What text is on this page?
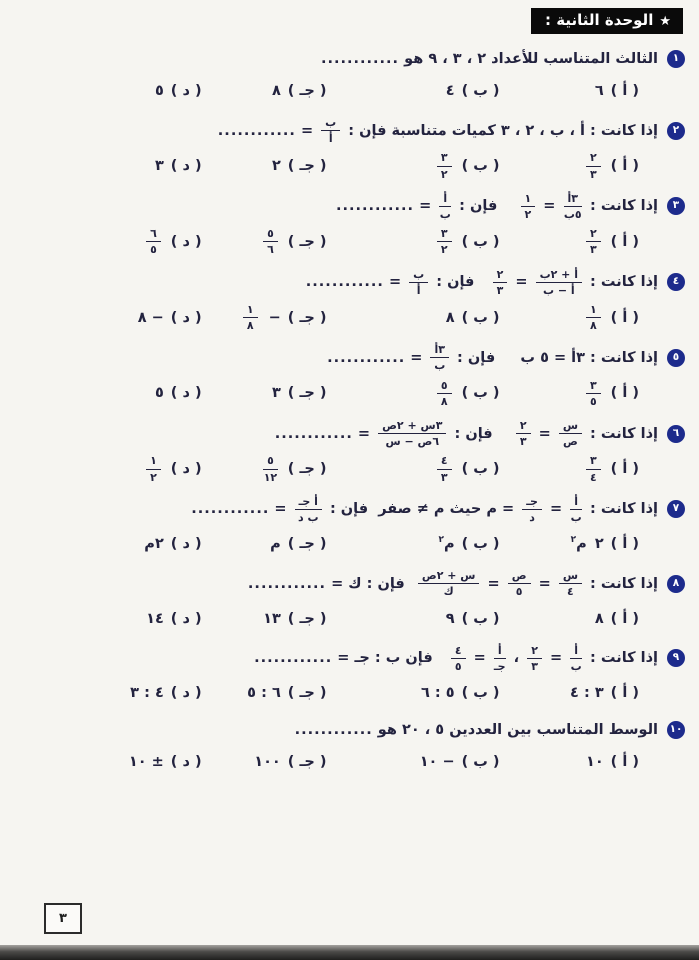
★الوحدة الثانية :
١
الثالث المتناسب للأعداد ٢ ، ٣ ، ٩ هو
............
( أ )
٦
( ب )
٤
( جـ )
٨
( د )
٥
٢
إذا كانت : أ ، ب ، ٢ ، ٣ كميات متناسبة فإن :
$\frac{\text{ب}}{\text{أ}}$
=
............
( أ )
$\frac{٢}{٣}$
( ب )
$\frac{٣}{٢}$
( جـ )
٢
( د )
٣
٣
إذا كانت :
$\frac{\text{٣أ}}{\text{٥ب}}$
=
$\frac{١}{٢}$
فإن :
$\frac{\text{أ}}{\text{ب}}$
=
............
( أ )
$\frac{٢}{٣}$
( ب )
$\frac{٣}{٢}$
( جـ )
$\frac{٥}{٦}$
( د )
$\frac{٦}{٥}$
٤
إذا كانت :
$\frac{\text{أ + ٢ب}}{\text{أ − ب}}$
=
$\frac{٢}{٣}$
فإن :
$\frac{\text{ب}}{\text{أ}}$
=
............
( أ )
$\frac{١}{٨}$
( ب )
٨
( جـ )
−
$\frac{١}{٨}$
( د )
− ٨
٥
إذا كانت : ٣أ = ٥ ب     فإن :
$\frac{\text{٣أ}}{\text{ب}}$
=
............
( أ )
$\frac{٣}{٥}$
( ب )
$\frac{٥}{٨}$
( جـ )
٣
( د )
٥
٦
إذا كانت :
$\frac{\text{س}}{\text{ص}}$
=
$\frac{٢}{٣}$
فإن :
$\frac{\text{٣س + ٢ص}}{\text{٦ص − س}}$
=
............
( أ )
$\frac{٣}{٤}$
( ب )
$\frac{٤}{٣}$
( جـ )
$\frac{٥}{١٢}$
( د )
$\frac{١}{٢}$
٧
إذا كانت :
$\frac{\text{أ}}{\text{ب}}$
=
$\frac{\text{جـ}}{\text{د}}$
= م حيث م ≠ صفر  فإن :
$\frac{\text{أ جـ}}{\text{ب د}}$
=
............
( أ )
٢
م$^٢$
( ب )
م$^٢$
( جـ )
م
( د )
٢م
٨
إذا كانت :
$\frac{\text{س}}{٤}$
=
$\frac{\text{ص}}{٥}$
=
$\frac{\text{س + ٢ص}}{\text{ك}}$
فإن : ك =
............
( أ )
٨
( ب )
٩
( جـ )
١٣
( د )
١٤
٩
إذا كانت :
$\frac{\text{أ}}{\text{ب}}$
=
$\frac{٢}{٣}$
،
$\frac{\text{أ}}{\text{جـ}}$
=
$\frac{٤}{٥}$
فإن ب : جـ =
............
( أ )
٣ : ٤
( ب )
٥ : ٦
( جـ )
٦ : ٥
( د )
٤ : ٣
١٠
الوسط المتناسب بين العددين ٥ ، ٢٠ هو
............
( أ )
١٠
( ب )
− ١٠
( جـ )
١٠٠
( د )
± ١٠
٣
